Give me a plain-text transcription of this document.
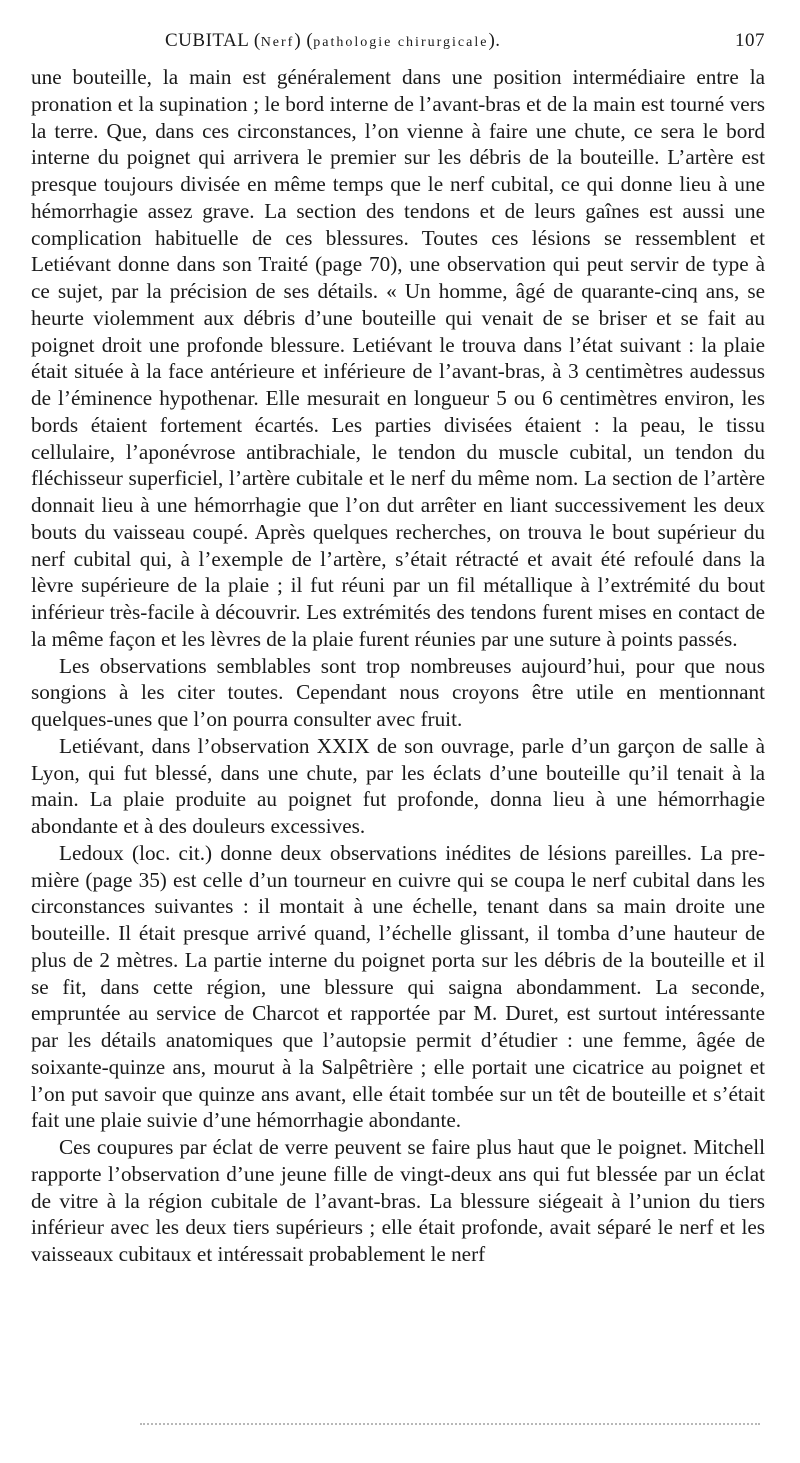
CUBITAL (Nerf) (pathologie chirurgicale).	107

une bouteille, la main est généralement dans une position intermédiaire entre la pronation et la supination ; le bord interne de l’avant-bras et de la main est tourné vers la terre. Que, dans ces circonstances, l’on vienne à faire une chute, ce sera le bord interne du poignet qui arrivera le premier sur les débris de la bouteille. L’artère est presque toujours divisée en même temps que le nerf cubital, ce qui donne lieu à une hémorrhagie assez grave. La section des tendons et de leurs gaînes est aussi une complication habituelle de ces blessures. Toutes ces lésions se ressemblent et Letiévant donne dans son Traité (page 70), une observation qui peut servir de type à ce sujet, par la précision de ses détails. « Un homme, âgé de quarante-cinq ans, se heurte violemment aux débris d’une bouteille qui venait de se briser et se fait au poignet droit une profonde blessure. Letiévant le trouva dans l’état suivant : la plaie était située à la face antérieure et inférieure de l’avant-bras, à 3 centimètres audessus de l’éminence hypothenar. Elle mesurait en longueur 5 ou 6 centimètres environ, les bords étaient fortement écartés. Les parties divisées étaient : la peau, le tissu cellulaire, l’aponévrose antibrachiale, le tendon du muscle cubital, un tendon du fléchisseur superficiel, l’artère cubitale et le nerf du même nom. La section de l’artère donnait lieu à une hémorrhagie que l’on dut arrêter en liant successivement les deux bouts du vaisseau coupé. Après quelques recherches, on trouva le bout supérieur du nerf cubital qui, à l’exemple de l’artère, s’était rétracté et avait été refoulé dans la lèvre supérieure de la plaie ; il fut réuni par un fil métallique à l’extrémité du bout inférieur très-facile à découvrir. Les extrémités des tendons furent mises en contact de la même façon et les lèvres de la plaie furent réunies par une suture à points passés.

Les observations semblables sont trop nombreuses aujourd’hui, pour que nous songions à les citer toutes. Cependant nous croyons être utile en mentionnant quelques-unes que l’on pourra consulter avec fruit.

Letiévant, dans l’observation XXIX de son ouvrage, parle d’un garçon de salle à Lyon, qui fut blessé, dans une chute, par les éclats d’une bouteille qu’il tenait à la main. La plaie produite au poignet fut profonde, donna lieu à une hémorrhagie abondante et à des douleurs excessives.

Ledoux (loc. cit.) donne deux observations inédites de lésions pareilles. La première (page 35) est celle d’un tourneur en cuivre qui se coupa le nerf cubital dans les circonstances suivantes : il montait à une échelle, tenant dans sa main droite une bouteille. Il était presque arrivé quand, l’échelle glissant, il tomba d’une hauteur de plus de 2 mètres. La partie interne du poignet porta sur les débris de la bouteille et il se fit, dans cette région, une blessure qui saigna abondamment. La seconde, empruntée au service de Charcot et rapportée par M. Duret, est surtout intéressante par les détails anatomiques que l’autopsie permit d’étudier : une femme, âgée de soixante-quinze ans, mourut à la Salpêtrière ; elle portait une cicatrice au poignet et l’on put savoir que quinze ans avant, elle était tombée sur un têt de bouteille et s’était fait une plaie suivie d’une hémorrhagie abondante.

Ces coupures par éclat de verre peuvent se faire plus haut que le poignet. Mitchell rapporte l’observation d’une jeune fille de vingt-deux ans qui fut blessée par un éclat de vitre à la région cubitale de l’avant-bras. La blessure siégeait à l’union du tiers inférieur avec les deux tiers supérieurs ; elle était profonde, avait séparé le nerf et les vaisseaux cubitaux et intéressait probablement le nerf
